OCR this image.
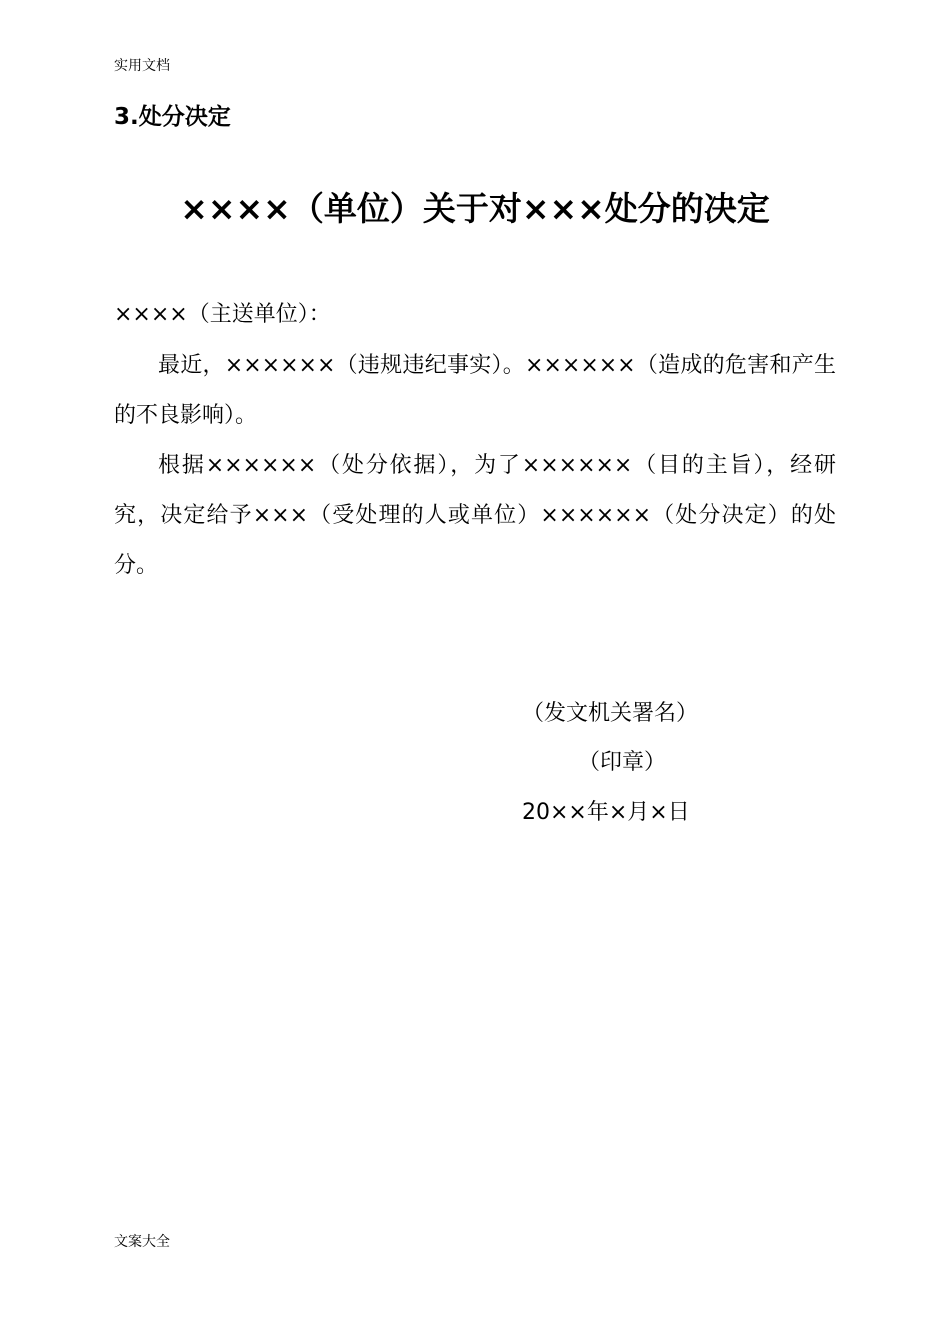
实用文档
3.处分决定
××××（单位）关于对×××处分的决定
××××（主送单位）：

最近，××××××（违规违纪事实）。××××××（造成的危害和产生的不良影响）。

根据××××××（处分依据），为了××××××（目的主旨），经研究，决定给予×××（受处理的人或单位）××××××（处分决定）的处分。

（发文机关署名）
（印章）
20××年×月×日
文案大全
